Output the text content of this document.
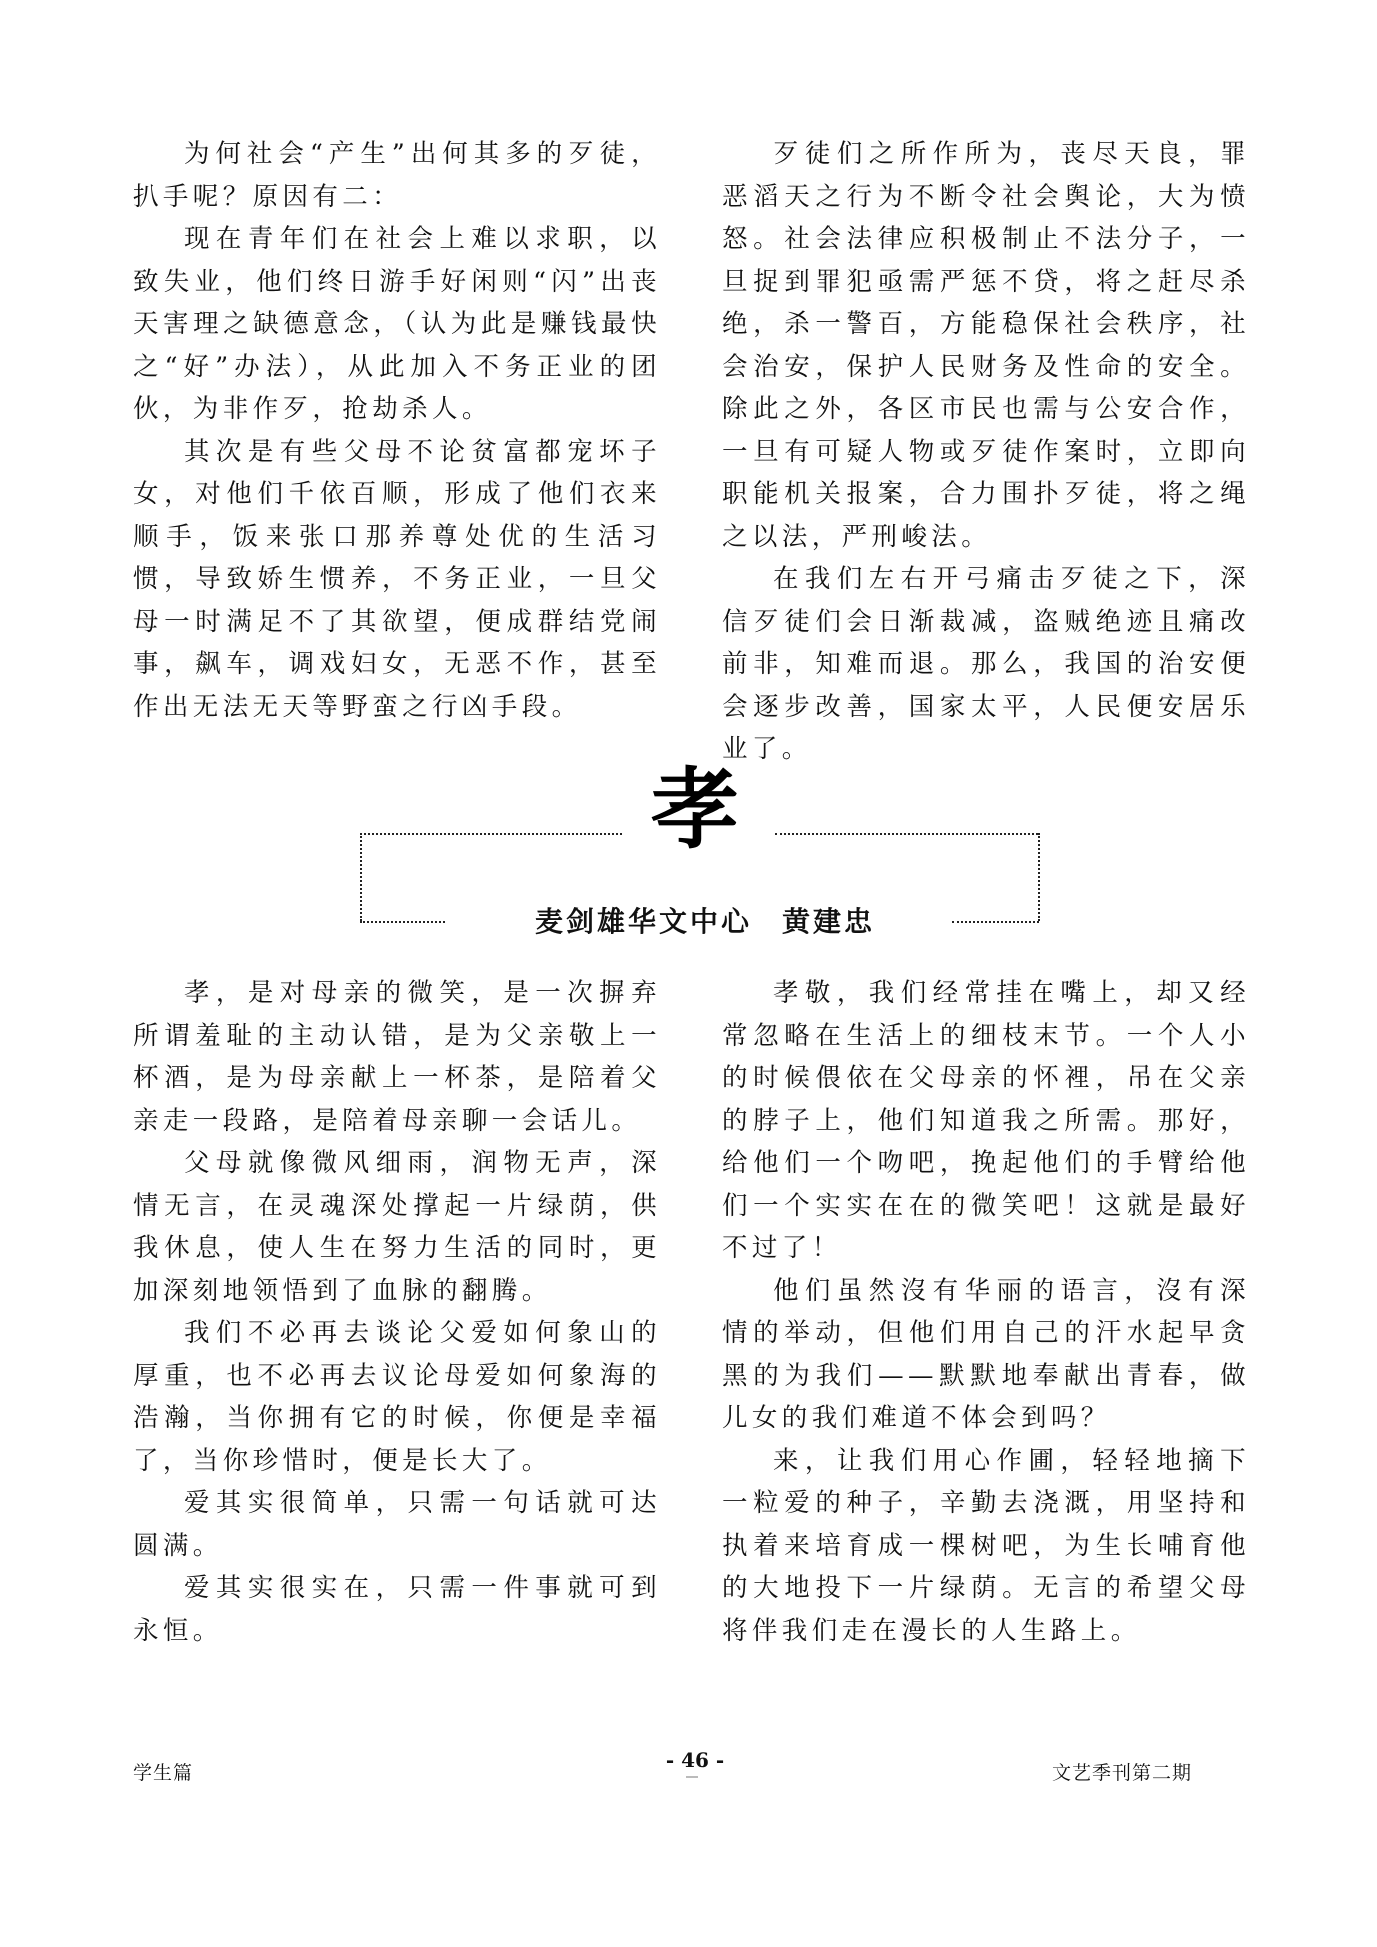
为何社会“产生”出何其多的歹徒，扒手呢？原因有二：

现在青年们在社会上难以求职，以致失业，他们终日游手好闲则“闪”出丧天害理之缺德意念，（认为此是赚钱最快之“好”办法），从此加入不务正业的团伙，为非作歹，抢劫杀人。

其次是有些父母不论贫富都宠坏子女，对他们千依百顺，形成了他们衣来顺手，饭来张口那养尊处优的生活习惯，导致娇生惯养，不务正业，一旦父母一时满足不了其欲望，便成群结党闹事，飙车，调戏妇女，无恶不作，甚至作出无法无天等野蛮之行凶手段。

歹徒们之所作所为，丧尽天良，罪恶滔天之行为不断令社会舆论，大为愤怒。社会法律应积极制止不法分子，一旦捉到罪犯亟需严惩不贷，将之赶尽杀绝，杀一警百，方能稳保社会秩序，社会治安，保护人民财务及性命的安全。除此之外，各区市民也需与公安合作，一旦有可疑人物或歹徒作案时，立即向职能机关报案，合力围扑歹徒，将之绳之以法，严刑峻法。

在我们左右开弓痛击歹徒之下，深信歹徒们会日渐裁减，盗贼绝迹且痛改前非，知难而退。那么，我国的治安便会逐步改善，国家太平，人民便安居乐业了。

孝
麦剑雄华文中心 黄建忠

孝，是对母亲的微笑，是一次摒弃所谓羞耻的主动认错，是为父亲敬上一杯酒，是为母亲献上一杯茶，是陪着父亲走一段路，是陪着母亲聊一会话儿。

父母就像微风细雨，润物无声，深情无言，在灵魂深处撑起一片绿荫，供我休息，使人生在努力生活的同时，更加深刻地领悟到了血脉的翻腾。

我们不必再去谈论父爱如何象山的厚重，也不必再去议论母爱如何象海的浩瀚，当你拥有它的时候，你便是幸福了，当你珍惜时，便是长大了。

爱其实很简单，只需一句话就可达圆满。

爱其实很实在，只需一件事就可到永恒。

孝敬，我们经常挂在嘴上，却又经常忽略在生活上的细枝末节。一个人小的时候偎依在父母亲的怀裡，吊在父亲的脖子上，他们知道我之所需。那好，给他们一个吻吧，挽起他们的手臂给他们一个实实在在的微笑吧！这就是最好不过了！

他们虽然沒有华丽的语言，沒有深情的举动，但他们用自己的汗水起早贪黑的为我们——默默地奉献出青春，做儿女的我们难道不体会到吗？

来，让我们用心作圃，轻轻地摘下一粒爱的种子，辛勤去浇溉，用坚持和执着来培育成一棵树吧，为生长哺育他的大地投下一片绿荫。无言的希望父母将伴我们走在漫长的人生路上。

学生篇
- 46 -
文艺季刊第二期
